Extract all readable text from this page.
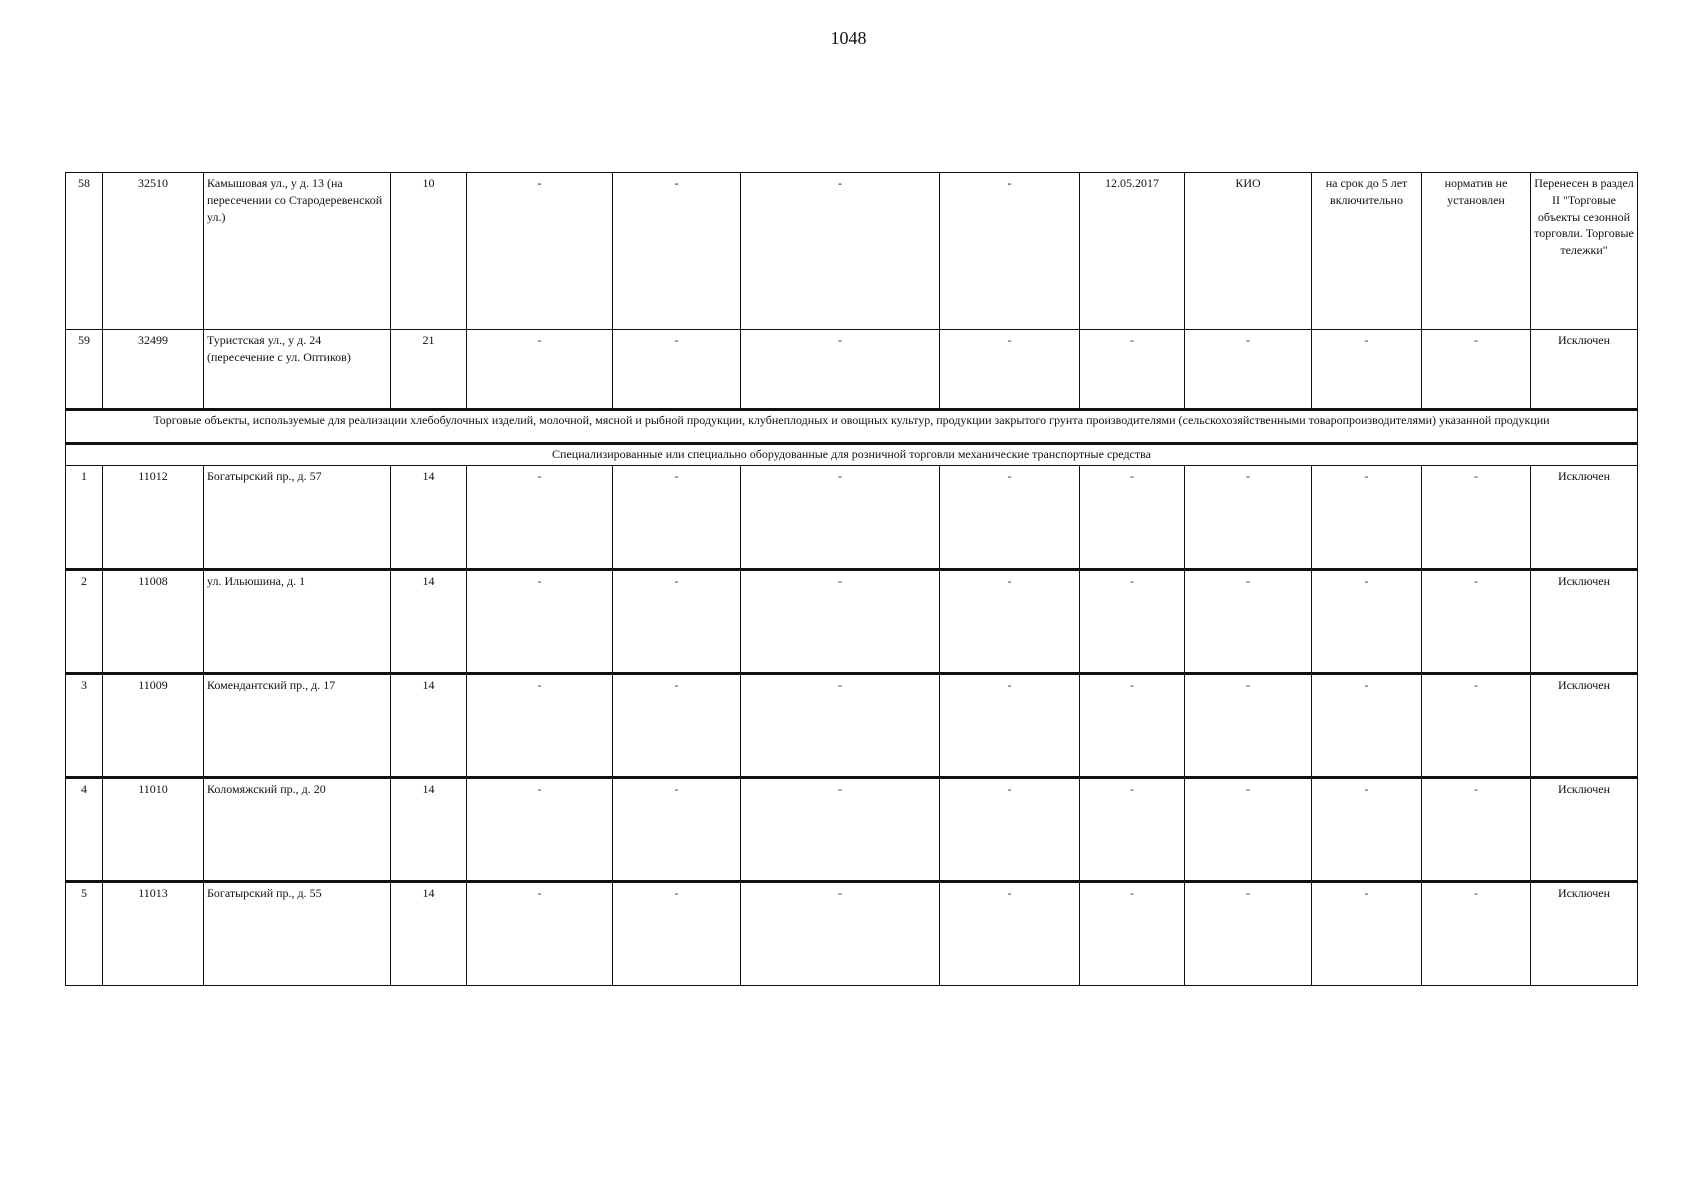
1048
58	32510	Камышовая ул., у д. 13 (на пересечении со Стародеревенской ул.)	10	-	-	-	-	12.05.2017	КИО	на срок до 5 лет включительно	норматив не установлен	Перенесен в раздел II "Торговые объекты сезонной торговли. Торговые тележки"
59	32499	Туристская ул., у д. 24 (пересечение с ул. Оптиков)	21	-	-	-	-	-	-	-	-	Исключен
Торговые объекты, используемые для реализации хлебобулочных изделий, молочной, мясной и рыбной продукции, клубнеплодных и овощных культур, продукции закрытого грунта производителями (сельскохозяйственными товаропроизводителями) указанной продукции												
Специализированные или специально оборудованные для розничной торговли механические транспортные средства												
1	11012	Богатырский пр., д. 57	14	-	-	-	-	-	-	-	-	Исключен
2	11008	ул. Ильюшина, д. 1	14	-	-	-	-	-	-	-	-	Исключен
3	11009	Комендантский пр., д. 17	14	-	-	-	-	-	-	-	-	Исключен
4	11010	Коломяжский пр., д. 20	14	-	-	-	-	-	-	-	-	Исключен
5	11013	Богатырский пр., д. 55	14	-	-	-	-	-	-	-	-	Исключен
